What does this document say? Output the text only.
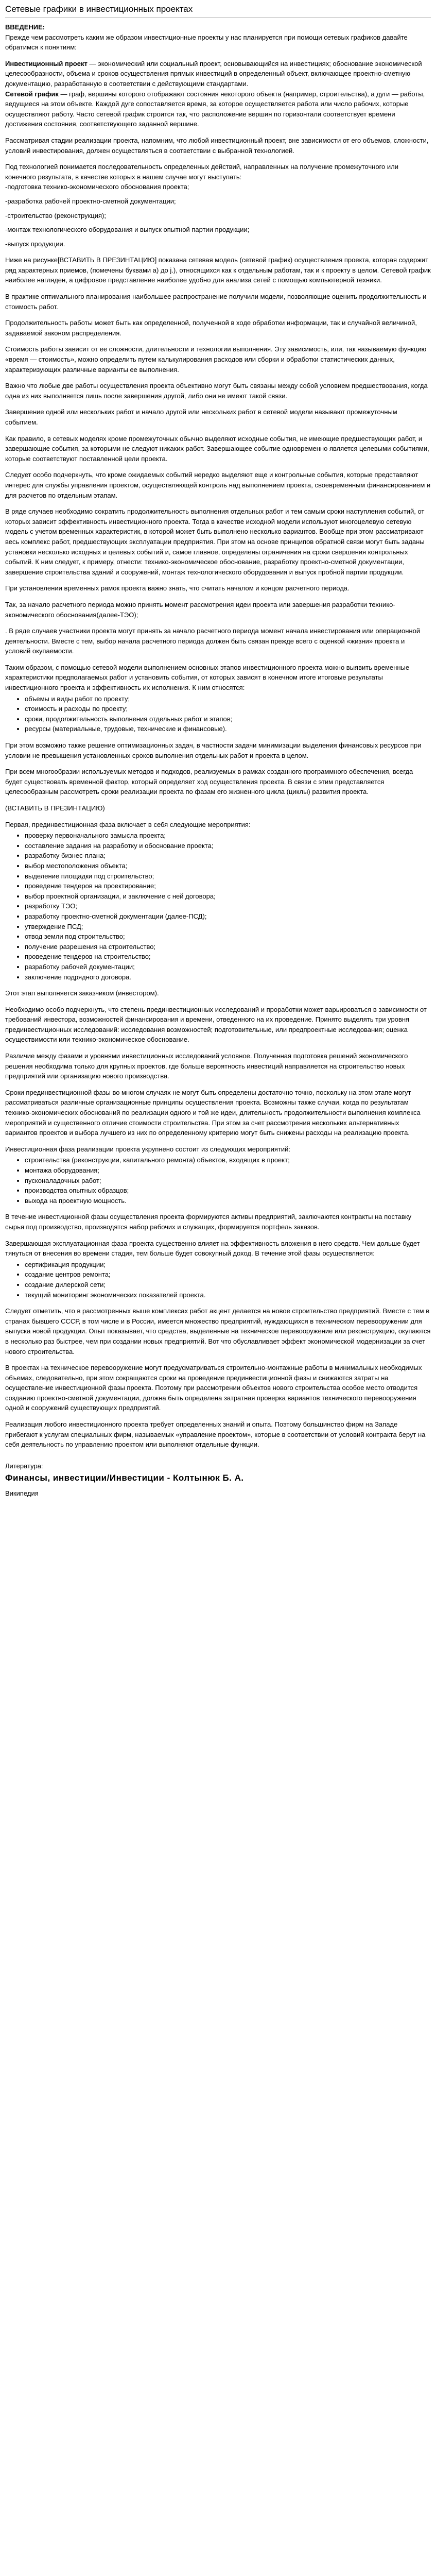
Сетевые графики в инвестиционных проектах

ВВЕДЕНИЕ:

Прежде чем рассмотреть каким же образом инвестиционные проекты у нас планируется при помощи сетевых графиков давайте обратимся к понятиям:

Инвестиционный проект — экономический или социальный проект, основывающийся на инвестициях; обоснование экономической целесообразности, объема и сроков осуществления прямых инвестиций в определенный объект, включающее проектно-сметную документацию, разработанную в соответствии с действующими стандартами.

Сетевой график — граф, вершины которого отображают состояния некоторого объекта (например, строительства), а дуги — работы, ведущиеся на этом объекте. Каждой дуге сопоставляется время, за которое осуществляется работа или число рабочих, которые осуществляют работу. Часто сетевой график строится так, что расположение вершин по горизонтали соответствует времени достижения состояния, соответствующего заданной вершине.

Рассматривая стадии реализации проекта, напомним, что любой инвестиционный проект, вне зависимости от его объемов, сложности, условий инвестирования, должен осуществляться в соответствии с выбранной технологией.

Под технологией понимается последовательность определенных действий, направленных на получение промежуточного или конечного результата, в качестве которых в нашем случае могут выступать:

-подготовка технико-экономического обоснования проекта;

-разработка рабочей проектно-сметной документации;

-строительство (реконструкция);

-монтаж технологического оборудования и выпуск опытной партии продукции;

-выпуск продукции.

Ниже на рисунке[ВСТАВИТЬ В ПРЕЗИНТАЦИЮ] показана сетевая модель (сетевой график) осуществления проекта, которая содержит ряд характерных приемов, (помечены буквами а) до j.), относящихся как к отдельным работам, так и к проекту в целом. Сетевой график наиболее нагляден, а цифровое представление наиболее удобно для анализа сетей с помощью компьютерной техники.

В практике оптимального планирования наибольшее распространение получили модели, позволяющие оценить продолжительность и стоимость работ.

Продолжительность работы может быть как определенной, полученной в ходе обработки информации, так и случайной величиной, задаваемой законом распределения.

Стоимость работы зависит от ее сложности, длительности и технологии выполнения. Эту зависимость, или, так называемую функцию «время — стоимость», можно определить путем калькулирования расходов или сборки и обработки статистических данных, характеризующих различные варианты ее выполнения.

Важно что любые две работы осуществления проекта объективно могут быть связаны между собой условием предшествования, когда одна из них выполняется лишь после завершения другой, либо они не имеют такой связи.

Завершение одной или нескольких работ и начало другой или нескольких работ в сетевой модели называют промежуточным событием.

Как правило, в сетевых моделях кроме промежуточных обычно выделяют исходные события, не имеющие предшествующих работ, и завершающие события, за которыми не следуют никаких работ. Завершающее событие одновременно является целевыми событиями, которые соответствуют поставленной цели проекта.

Следует особо подчеркнуть, что кроме ожидаемых событий нередко выделяют еще и контрольные события, которые представляют интерес для службы управления проектом, осуществляющей контроль над выполнением проекта, своевременным финансированием и для расчетов по отдельным этапам.

В ряде случаев необходимо сократить продолжительность выполнения отдельных работ и тем самым сроки наступления событий, от которых зависит эффективность инвестиционного проекта. Тогда в качестве исходной модели используют многоцелевую сетевую модель с учетом временных характеристик, в которой может быть выполнено несколько вариантов. Вообще при этом рассматривают весь комплекс работ, предшествующих эксплуатации предприятия. При этом на основе принципов обратной связи могут быть заданы установки несколько исходных и целевых событий и, самое главное, определены ограничения на сроки свершения контрольных событий. К ним следует, к примеру, отнести: технико-экономическое обоснование, разработку проектно-сметной документации, завершение строительства зданий и сооружений, монтаж технологического оборудования и выпуск пробной партии продукции.

При установлении временных рамок проекта важно знать, что считать началом и концом расчетного периода.

Так, за начало расчетного периода можно принять момент рассмотрения идеи проекта или завершения разработки технико-экономического обоснования(далее-ТЭО);

. В ряде случаев участники проекта могут принять за начало расчетного периода момент начала инвестирования или операционной деятельности. Вместе с тем, выбор начала расчетного периода должен быть связан прежде всего с оценкой «жизни» проекта и условий окупаемости.

Таким образом, с помощью сетевой модели выполнением основных этапов инвестиционного проекта можно выявить временные характеристики предполагаемых работ и установить события, от которых зависят в конечном итоге итоговые результаты инвестиционного проекта и эффективность их исполнения. К ним относятся:

• объемы и виды работ по проекту;
• стоимость и расходы по проекту;
• сроки, продолжительность выполнения отдельных работ и этапов;
• ресурсы (материальные, трудовые, технические и финансовые).

При этом возможно также решение оптимизационных задач, в частности задачи минимизации выделения финансовых ресурсов при условии не превышения установленных сроков выполнения отдельных работ и проекта в целом.

При всем многообразии используемых методов и подходов, реализуемых в рамках созданного программного обеспечения, всегда будет существовать временной фактор, который определяет ход осуществления проекта. В связи с этим представляется целесообразным рассмотреть сроки реализации проекта по фазам его жизненного цикла (циклы) развития проекта.

(ВСТАВИТЬ В ПРЕЗИНТАЦИЮ)

Первая, прединвестиционная фаза включает в себя следующие мероприятия:

• проверку первоначального замысла проекта;
• составление задания на разработку и обоснование проекта;
• разработку бизнес-плана;
• выбор местоположения объекта;
• выделение площадки под строительство;
• проведение тендеров на проектирование;
• выбор проектной организации, и заключение с ней договора;
• разработку ТЭО;
• разработку проектно-сметной документации (далее-ПСД);
• утверждение ПСД;
• отвод земли под строительство;
• получение разрешения на строительство;
• проведение тендеров на строительство;
• разработку рабочей документации;
• заключение подрядного договора.

Этот этап выполняется заказчиком (инвестором).

Необходимо особо подчеркнуть, что степень прединвестиционных исследований и проработки может варьироваться в зависимости от требований инвестора, возможностей финансирования и времени, отведенного на их проведение. Принято выделять три уровня прединвестиционных исследований: исследования возможностей; подготовительные, или предпроектные исследования; оценка осуществимости или технико-экономическое обоснование.

Различие между фазами и уровнями инвестиционных исследований условное. Полученная подготовка решений экономического решения необходима только для крупных проектов, где больше вероятность инвестиций направляется на строительство новых предприятий или организацию нового производства.

Сроки прединвестиционной фазы во многом случаях не могут быть определены достаточно точно, поскольку на этом этапе могут рассматриваться различные организационные принципы осуществления проекта. Возможны также случаи, когда по результатам технико-экономических обоснований по реализации одного и той же идеи, длительность продолжительности выполнения комплекса мероприятий и существенного отличие стоимости строительства. При этом за счет рассмотрения нескольких альтернативных вариантов проектов и выбора лучшего из них по определенному критерию могут быть снижены расходы на реализацию проекта.

Инвестиционная фаза реализации проекта укрупнено состоит из следующих мероприятий:

• строительства (реконструкции, капитального ремонта) объектов, входящих в проект;
• монтажа оборудования;
• пусконаладочных работ;
• производства опытных образцов;
• выхода на проектную мощность.

В течение инвестиционной фазы осуществления проекта формируются активы предприятий, заключаются контракты на поставку сырья под производство, производятся набор рабочих и служащих, формируется портфель заказов.

Завершающая эксплуатационная фаза проекта существенно влияет на эффективность вложения в него средств. Чем дольше будет тянуться от внесения во времени стадия, тем больше будет совокупный доход. В течение этой фазы осуществляется:

• сертификация продукции;
• создание центров ремонта;
• создание дилерской сети;
• текущий мониторинг экономических показателей проекта.

Следует отметить, что в рассмотренных выше комплексах работ акцент делается на новое строительство предприятий. Вместе с тем в странах бывшего СССР, в том числе и в России, имеется множество предприятий, нуждающихся в техническом перевооружении для выпуска новой продукции. Опыт показывает, что средства, выделенные на техническое перевооружение или реконструкцию, окупаются в несколько раз быстрее, чем при создании новых предприятий. Вот что обуславливает эффект экономической модернизации за счет нового строительства.

В проектах на техническое перевооружение могут предусматриваться строительно-монтажные работы в минимальных необходимых объемах, следовательно, при этом сокращаются сроки на проведение прединвестиционной фазы и снижаются затраты на осуществление инвестиционной фазы проекта. Поэтому при рассмотрении объектов нового строительства особое место отводится созданию проектно-сметной документации, должна быть определена затратная проверка вариантов технического перевооружения одной и сооружений существующих предприятий.

Реализация любого инвестиционного проекта требует определенных знаний и опыта. Поэтому большинство фирм на Западе прибегают к услугам специальных фирм, называемых «управление проектом», которые в соответствии от условий контракта берут на себя деятельность по управлению проектом или выполняют отдельные функции.

Литература:

Финансы, инвестиции/Инвестиции - Колтынюк Б. А.

Википедия
